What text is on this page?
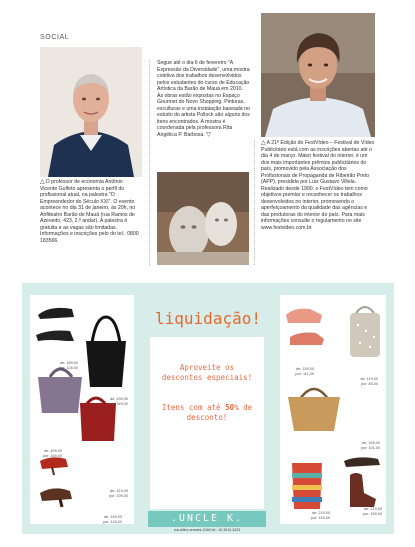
SOCIAL
△O professor de economia Antônio Vicente Golfeto apresenta o perfil do profissional atual, na palestra "O Empreendedor do Século XXI". O evento acontece no dia 31 de janeiro, às 20h, no Anfiteatro Barão de Mauá (rua Ramos de Azevedo, 423, 2.º andar). A palestra é gratuita e as vagas são limitadas. Informações e inscrições pelo do tel.: 0800 183566.
Segue até o dia 6 de fevereiro "A Expressão da Diversidade", uma mostra coletiva dos trabalhos desenvolvidos pelos estudantes do curso de Educação Artística da Barão de Mauá em 2010. As obras estão expostas no Espaço Gourmet do Novo Shopping. Pinturas, esculturas e uma instalação baseada no estudo do artista Pollock são alguns dos itens encontrados. A mostra é coordenada pela professora Rita Angélica P. Barbosa. ▽
△A 21ª Edição do FestVídeo – Festival de Vídeo Publicitário está com as inscrições abertas até o dia 4 de março. Maior festival do interior, é um dos mais importantes prêmios publicitários do país, promovido pela Associação dos Profissionais de Propaganda de Ribeirão Preto (APP), presidida por Luiz Gustavo Villela. Realizado desde 1990, o FestVídeo tem como objetivos premiar e reconhecer os trabalhos desenvolvidos no interior, promovendo o aperfeiçoamento da qualidade das agências e das produtoras do interior do país. Para mais informações consulte o regulamento no site www.festvideo.com.br.
de: 189,00
por: 126,00
de: 499,00
por: 349,00
de: 499,00
por: 349,00
de: 419,00
por: 109,00
de: 169,00
por: 118,00
liquidação!
Aproveite os descontos especiais!
Itens com até 50% de desconto!
de: 159,00
por: 111,00
de: 119,00
por: 83,00
de: 169,00
por: 101,00
de: 219,00
por: 153,00
de: 219,00
por: 153,00
.UNCLE K.
rua altino arantes 1066 tel.: 16 3610.3423
